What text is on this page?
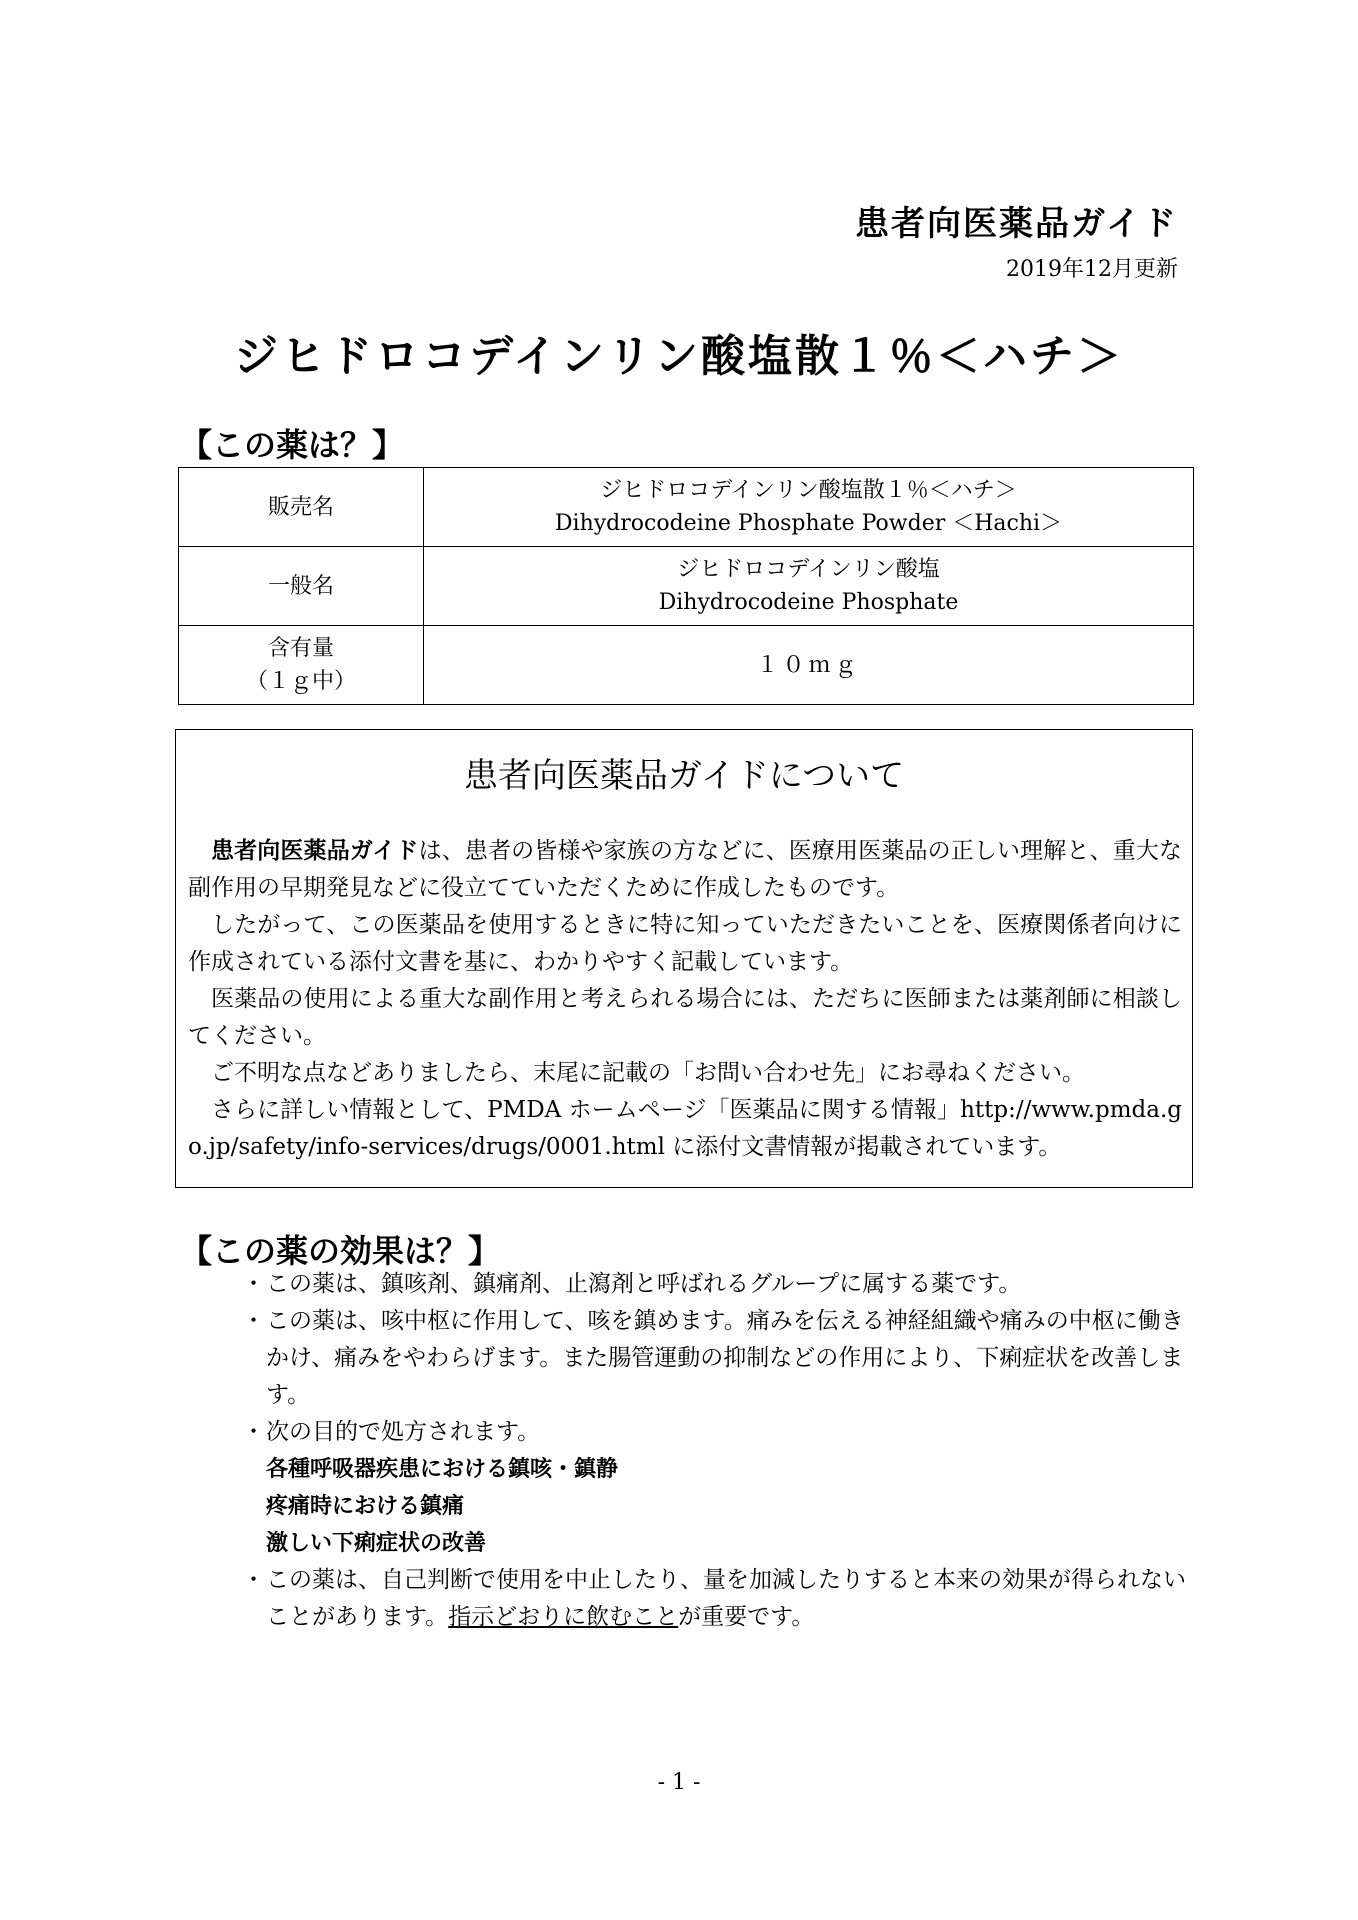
患者向医薬品ガイド
2019年12月更新
ジヒドロコデインリン酸塩散１％＜ハチ＞
【この薬は？】
販売名	ジヒドロコデインリン酸塩散１％＜ハチ＞
Dihydrocodeine Phosphate Powder ＜Hachi＞

一般名	ジヒドロコデインリン酸塩
Dihydrocodeine Phosphate

含有量
（１ｇ中）	１０ｍｇ
患者向医薬品ガイドについて

患者向医薬品ガイドは、患者の皆様や家族の方などに、医療用医薬品の正しい理解と、重大な副作用の早期発見などに役立てていただくために作成したものです。

したがって、この医薬品を使用するときに特に知っていただきたいことを、医療関係者向けに作成されている添付文書を基に、わかりやすく記載しています。

医薬品の使用による重大な副作用と考えられる場合には、ただちに医師または薬剤師に相談してください。

ご不明な点などありましたら、末尾に記載の「お問い合わせ先」にお尋ねください。

さらに詳しい情報として、PMDA ホームページ「医薬品に関する情報」http://www.pmda.go.jp/safety/info-services/drugs/0001.html に添付文書情報が掲載されています。

【この薬の効果は？】
・ この薬は、鎮咳剤、鎮痛剤、止瀉剤と呼ばれるグループに属する薬です。
・ この薬は、咳中枢に作用して、咳を鎮めます。痛みを伝える神経組織や痛みの中枢に働きかけ、痛みをやわらげます。また腸管運動の抑制などの作用により、下痢症状を改善します。
・ 次の目的で処方されます。
各種呼吸器疾患における鎮咳・鎮静
疼痛時における鎮痛
激しい下痢症状の改善
・ この薬は、自己判断で使用を中止したり、量を加減したりすると本来の効果が得られないことがあります。指示どおりに飲むことが重要です。
- 1 -
